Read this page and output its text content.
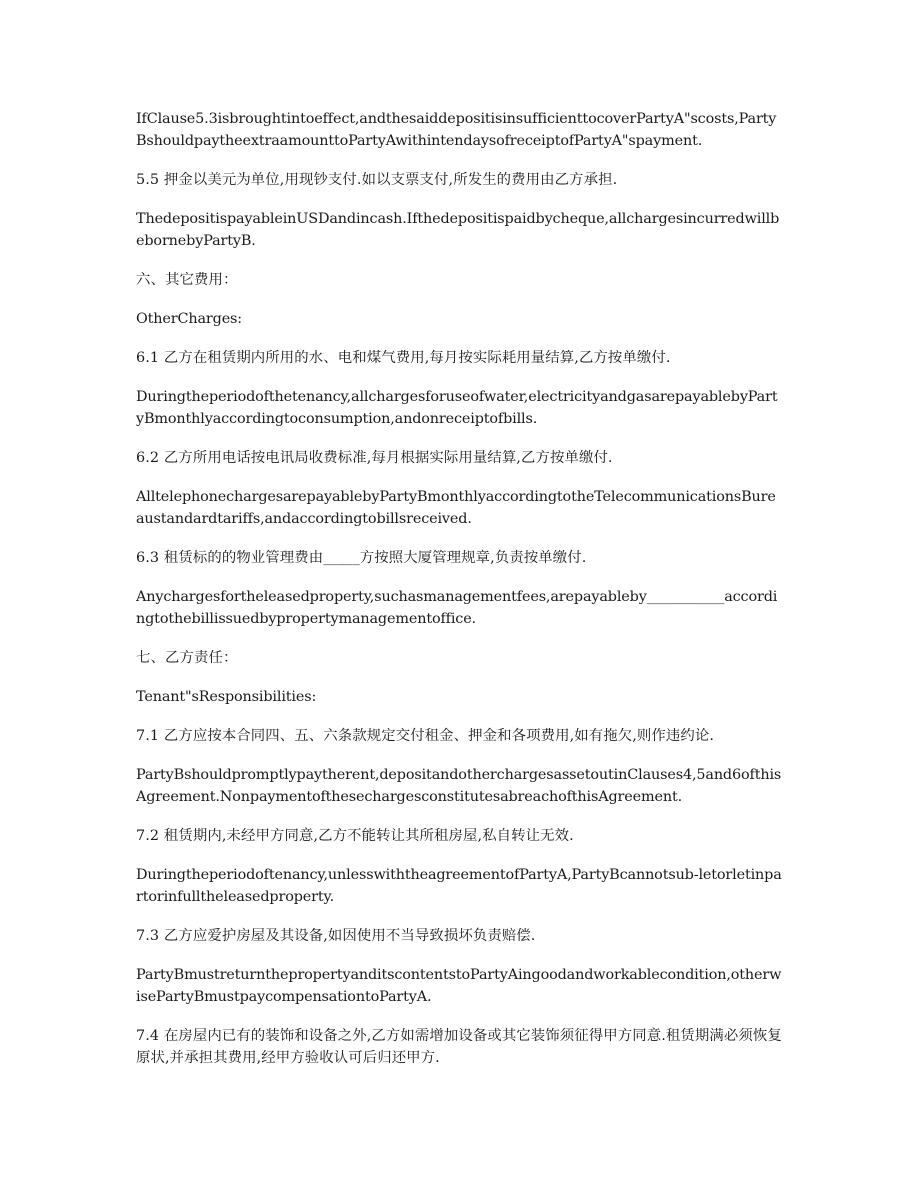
IfClause5.3isbroughtintoeffect,andthesaiddepositisinsufficienttocoverPartyA"scosts,PartyBshouldpaytheextraamounttoPartyAwithintendaysofreceiptofPartyA"spayment.

5.5 押金以美元为单位,用现钞支付.如以支票支付,所发生的费用由乙方承担.

ThedepositispayableinUSDandincash.Ifthedepositispaidbycheque,allchargesincurredwillbebornebyPartyB.

六、其它费用：

OtherCharges:

6.1 乙方在租赁期内所用的水、电和煤气费用,每月按实际耗用量结算,乙方按单缴付.

Duringtheperiodofthetenancy,allchargesforuseofwater,electricityandgasarepayablebyPartyBmonthlyaccordingtoconsumption,andonreceiptofbills.

6.2 乙方所用电话按电讯局收费标准,每月根据实际用量结算,乙方按单缴付.

AlltelephonechargesarepayablebyPartyBmonthlyaccordingtotheTelecommunicationsBureaustandardtariffs,andaccordingtobillsreceived.

6.3 租赁标的的物业管理费由_____方按照大厦管理规章,负责按单缴付.

Anychargesfortheleasedproperty,suchasmanagementfees,arepayableby___________accordingtothebillissuedbypropertymanagementoffice.

七、乙方责任：

Tenant"sResponsibilities:

7.1 乙方应按本合同四、五、六条款规定交付租金、押金和各项费用,如有拖欠,则作违约论.

PartyBshouldpromptlypaytherent,depositandotherchargesassetoutinClauses4,5and6ofthisAgreement.NonpaymentofthesechargesconstitutesabreachofthisAgreement.

7.2 租赁期内,未经甲方同意,乙方不能转让其所租房屋,私自转让无效.

Duringtheperiodoftenancy,unlesswiththeagreementofPartyA,PartyBcannotsub-letorletinpartorinfulltheleasedproperty.

7.3 乙方应爱护房屋及其设备,如因使用不当导致损坏负责赔偿.

PartyBmustreturnthepropertyanditscontentstoPartyAingoodandworkablecondition,otherwisePartyBmustpaycompensationtoPartyA.

7.4 在房屋内已有的装饰和设备之外,乙方如需增加设备或其它装饰须征得甲方同意.租赁期满必须恢复原状,并承担其费用,经甲方验收认可后归还甲方.
